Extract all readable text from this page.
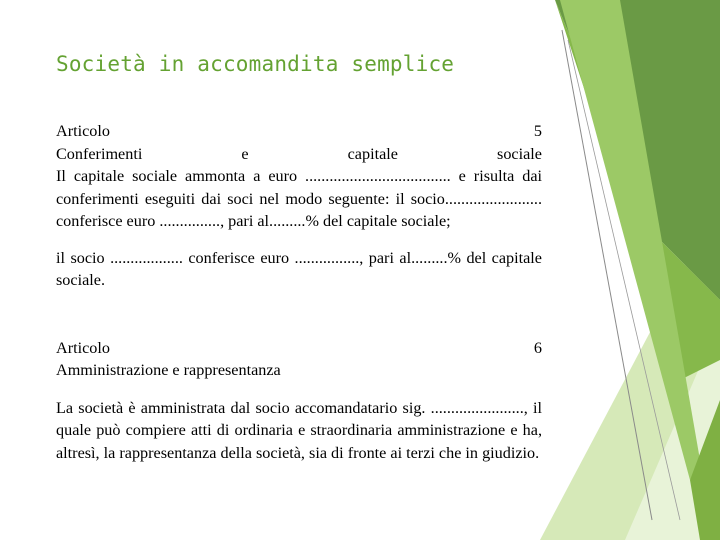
Società in accomandita semplice
Articolo	5
Conferimenti	e	capitale	sociale

Il capitale sociale ammonta a euro .................................... e risulta dai conferimenti eseguiti dai soci nel modo seguente: il socio........................ conferisce euro ..............., pari al.........% del capitale sociale;

il socio .................. conferisce euro ................, pari al.........% del capitale sociale.

Articolo	6
Amministrazione e rappresentanza

La società è amministrata dal socio accomandatario sig. ......................., il quale può compiere atti di ordinaria e straordinaria amministrazione e ha, altresì, la rappresentanza della società, sia di fronte ai terzi che in giudizio.
